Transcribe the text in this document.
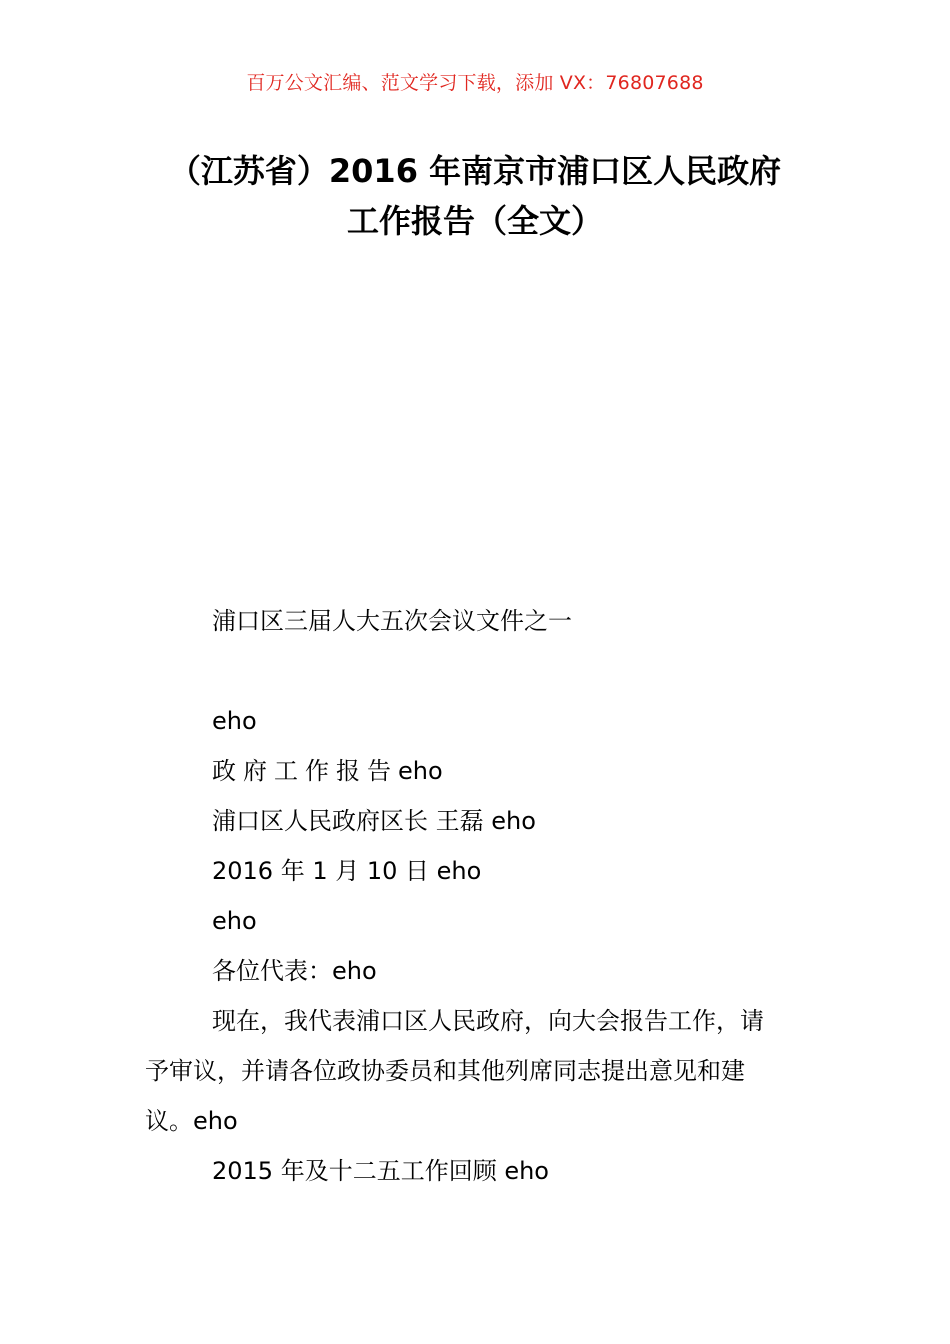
百万公文汇编、范文学习下载，添加 VX：76807688
（江苏省）2016 年南京市浦口区人民政府
工作报告（全文）
浦口区三届人大五次会议文件之一
eho
政府工作报告eho
浦口区人民政府区长 王磊 eho
2016 年 1 月 10 日 eho
eho
各位代表：eho
现在，我代表浦口区人民政府，向大会报告工作，请
予审议，并请各位政协委员和其他列席同志提出意见和建
议。eho
2015 年及十二五工作回顾 eho
